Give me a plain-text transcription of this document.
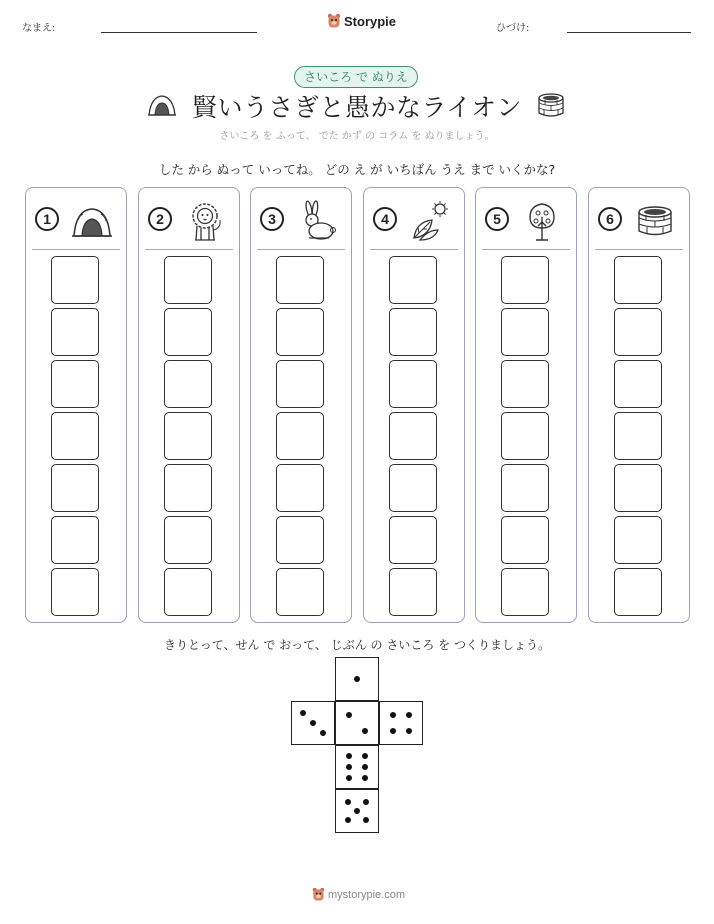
なまえ:	Storypie	ひづけ:
さいころ で ぬりえ
賢いうさぎと愚かなライオン
さいころ を ふって、 でた かず の コラム を ぬりましょう。
した から ぬって いってね。 どの え が いちばん うえ まで いくかな?
1	2	3	4	5	6
きりとって、せん で おって、 じぶん の さいころ を つくりましょう。
mystorypie.com
